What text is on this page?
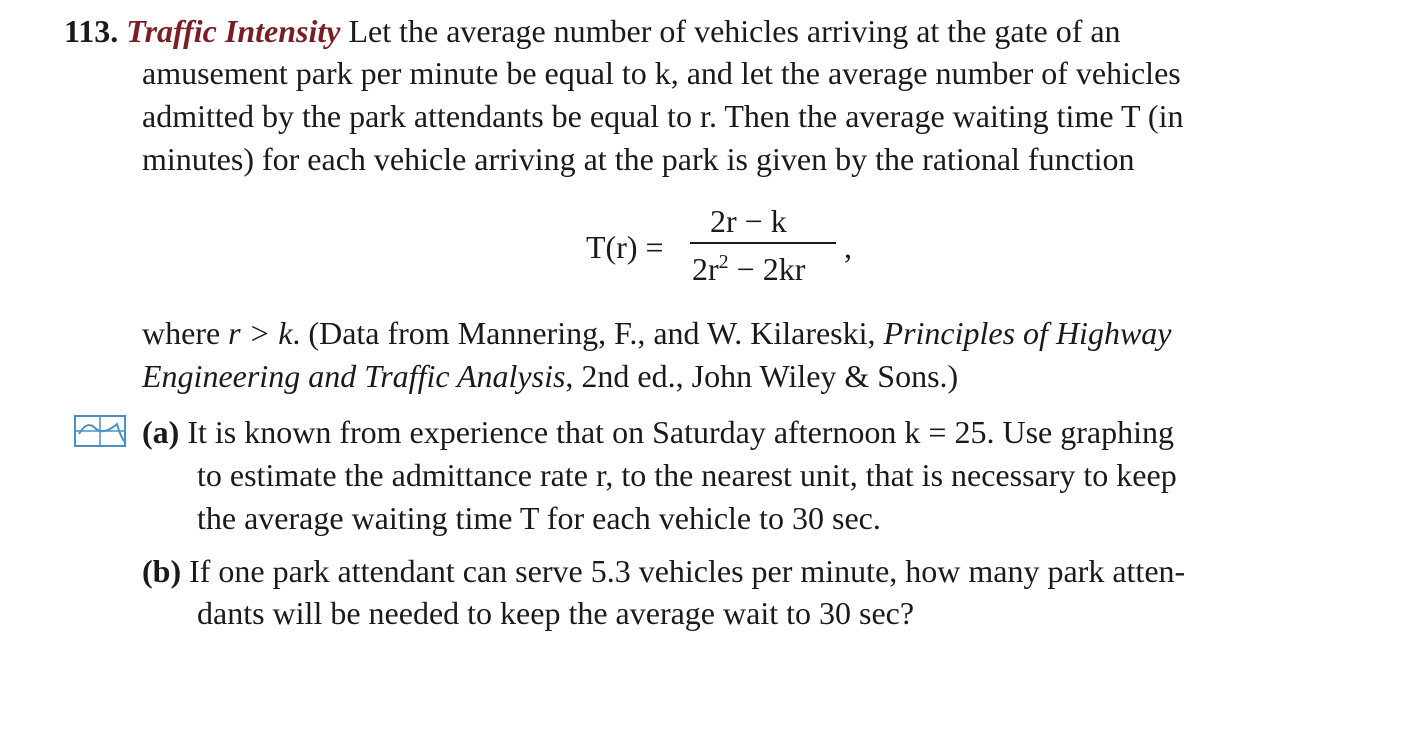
113. Traffic Intensity Let the average number of vehicles arriving at the gate of an
amusement park per minute be equal to k, and let the average number of vehicles
admitted by the park attendants be equal to r. Then the average waiting time T (in
minutes) for each vehicle arriving at the park is given by the rational function
T(r) =
2r − k
$2r^2 - 2kr$
,
where r > k. (Data from Mannering, F., and W. Kilareski, Principles of Highway
Engineering and Traffic Analysis, 2nd ed., John Wiley & Sons.)
(a) It is known from experience that on Saturday afternoon k = 25. Use graphing
to estimate the admittance rate r, to the nearest unit, that is necessary to keep
the average waiting time T for each vehicle to 30 sec.
(b) If one park attendant can serve 5.3 vehicles per minute, how many park atten-
dants will be needed to keep the average wait to 30 sec?
